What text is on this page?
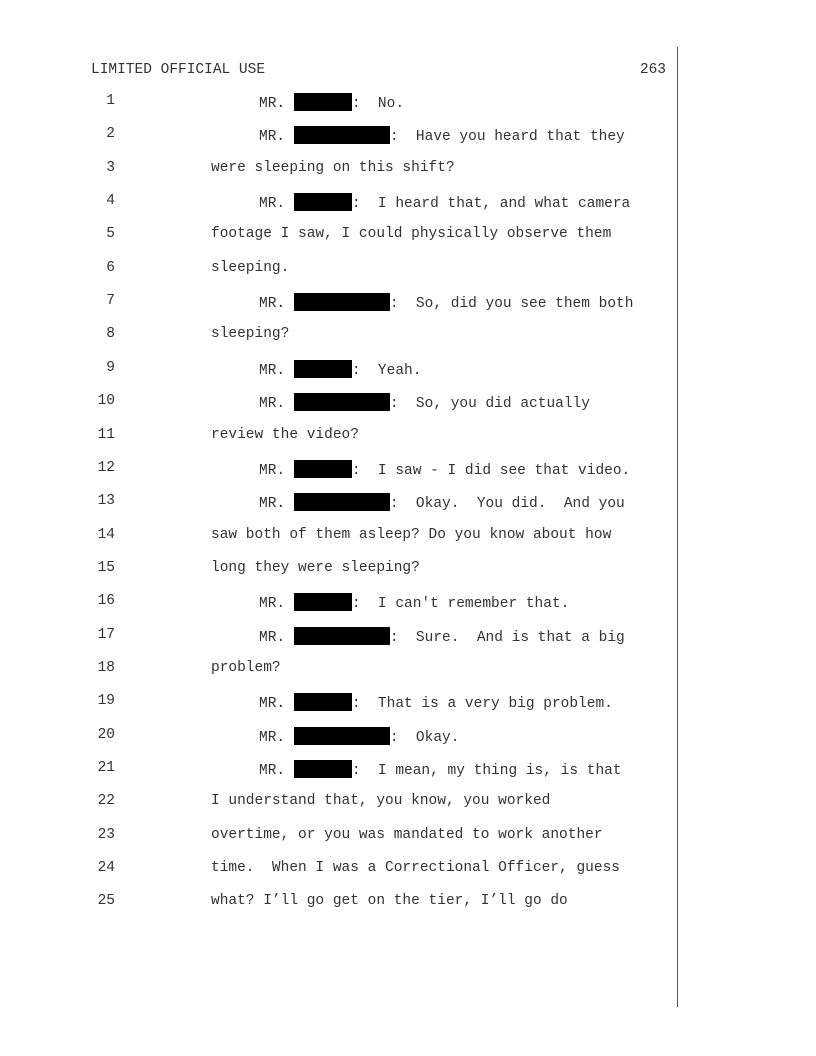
LIMITED OFFICIAL USE	263
1	MR.	:  No.
2	MR.	:  Have you heard that they
3	were sleeping on this shift?
4	MR.	:  I heard that, and what camera
5	footage I saw, I could physically observe them
6	sleeping.
7	MR.	:  So, did you see them both
8	sleeping?
9	MR.	:  Yeah.
10	MR.	:  So, you did actually
11	review the video?
12	MR.	:  I saw - I did see that video.
13	MR.	:  Okay.  You did.  And you
14	saw both of them asleep? Do you know about how
15	long they were sleeping?
16	MR.	:  I can't remember that.
17	MR.	:  Sure.  And is that a big
18	problem?
19	MR.	:  That is a very big problem.
20	MR.	:  Okay.
21	MR.	:  I mean, my thing is, is that
22	I understand that, you know, you worked
23	overtime, or you was mandated to work another
24	time.  When I was a Correctional Officer, guess
25	what? I’ll go get on the tier, I’ll go do
